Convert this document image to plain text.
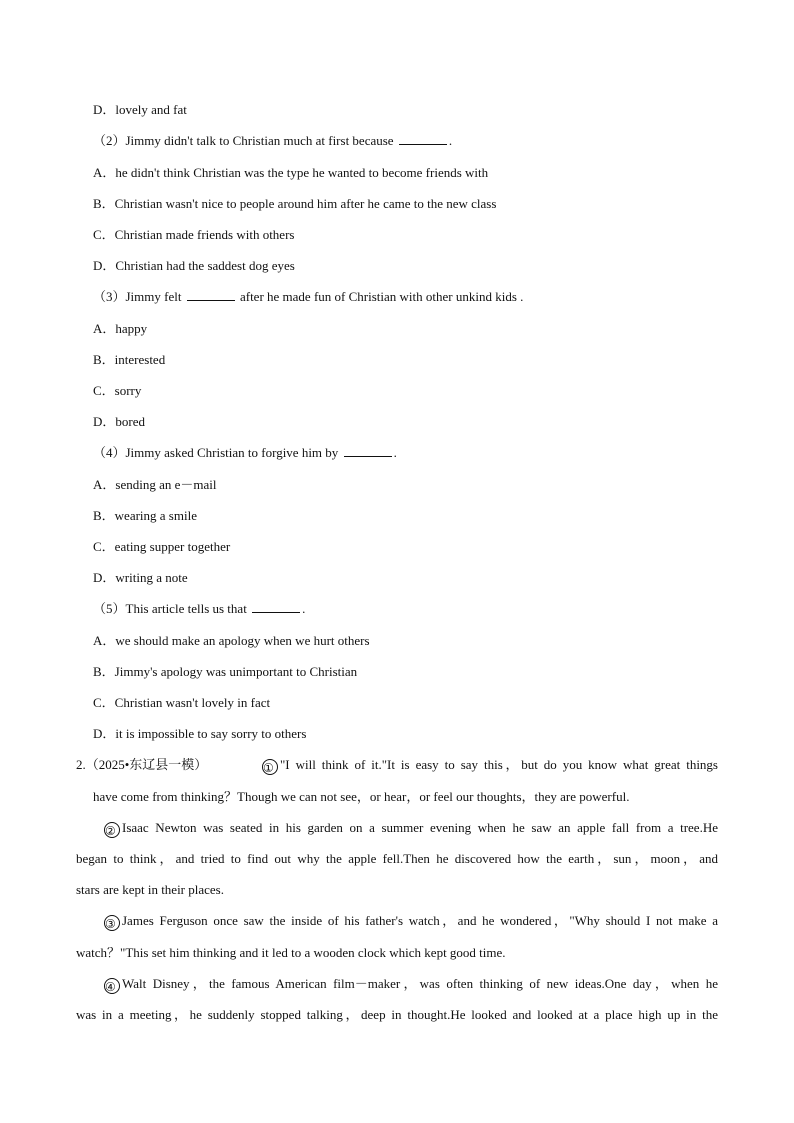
D．lovely and fat
（2）Jimmy didn't talk to Christian much at first because	.
A．he didn't think Christian was the type he wanted to become friends with
B．Christian wasn't nice to people around him after he came to the new class
C．Christian made friends with others
D．Christian had the saddest dog eyes
（3）Jimmy felt	after he made fun of Christian with other unkind kids .
A．happy
B．interested
C．sorry
D．bored
（4）Jimmy asked Christian to forgive him by	.
A．sending an e－mail
B．wearing a smile
C．eating supper together
D．writing a note
（5）This article tells us that	.
A．we should make an apology when we hurt others
B．Jimmy's apology was unimportant to Christian
C．Christian wasn't lovely in fact
D．it is impossible to say sorry to others
2.（2025•东辽县一模）	① "I will think of it."It is easy to say this，but do you know what great things
have come from thinking？Though we can not see，or hear，or feel our thoughts，they are powerful.
② Isaac Newton was seated in his garden on a summer evening when he saw an apple fall from a tree.He
began to think，and tried to find out why the apple fell.Then he discovered how the earth，sun，moon，and
stars are kept in their places.
③ James Ferguson once saw the inside of his father's watch，and he wondered，"Why should I not make a
watch？"This set him thinking and it led to a wooden clock which kept good time.
④ Walt Disney，the famous American film－maker，was often thinking of new ideas.One day，when he
was in a meeting，he suddenly stopped talking，deep in thought.He looked and looked at a place high up in the
